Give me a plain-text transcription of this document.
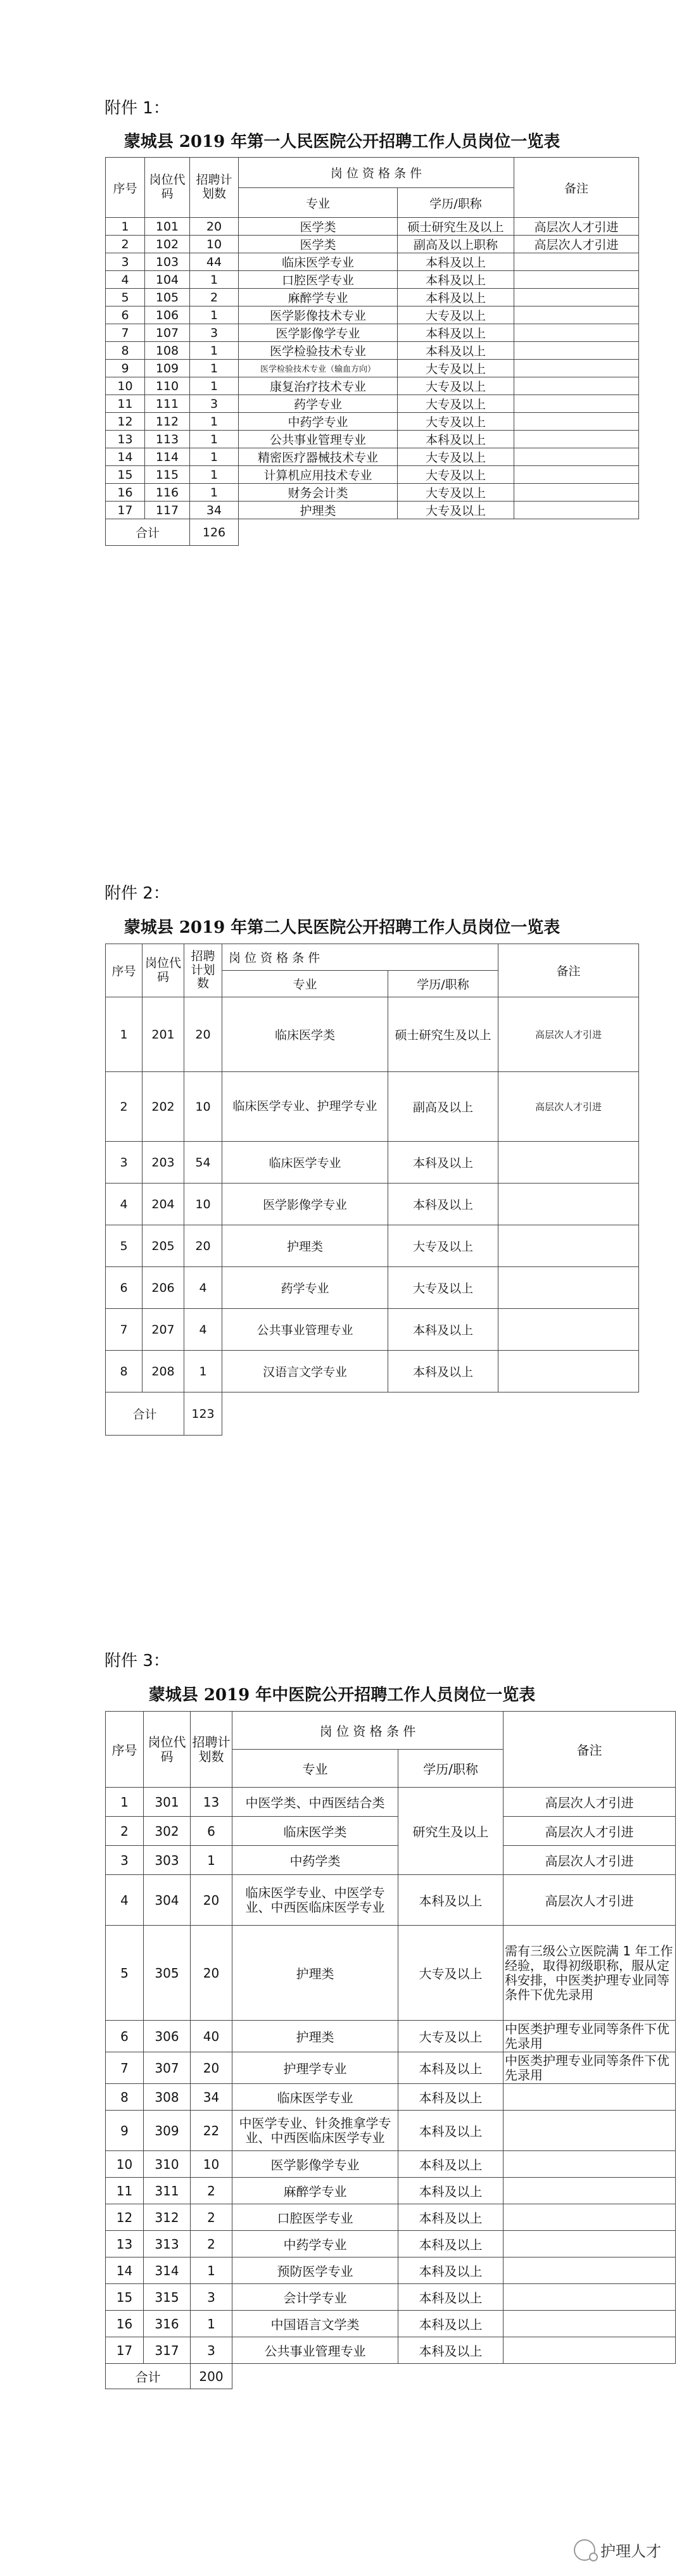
附件 1：
蒙城县 2019 年第一人民医院公开招聘工作人员岗位一览表
序号	岗位代码	招聘计划数	岗 位 资 格 条 件		备注
			专业	学历/职称	
1	101	20	医学类	硕士研究生及以上	高层次人才引进
2	102	10	医学类	副高及以上职称	高层次人才引进
3	103	44	临床医学专业	本科及以上	
4	104	1	口腔医学专业	本科及以上	
5	105	2	麻醉学专业	本科及以上	
6	106	1	医学影像技术专业	大专及以上	
7	107	3	医学影像学专业	本科及以上	
8	108	1	医学检验技术专业	本科及以上	
9	109	1	医学检验技术专业（输血方向）	大专及以上	
10	110	1	康复治疗技术专业	大专及以上	
11	111	3	药学专业	大专及以上	
12	112	1	中药学专业	大专及以上	
13	113	1	公共事业管理专业	本科及以上	
14	114	1	精密医疗器械技术专业	大专及以上	
15	115	1	计算机应用技术专业	大专及以上	
16	116	1	财务会计类	大专及以上	
17	117	34	护理类	大专及以上	
合计		126			
附件 2：
蒙城县 2019 年第二人民医院公开招聘工作人员岗位一览表
序号	岗位代码	招聘计划数	岗 位 资 格 条 件		备注
			专业	学历/职称	
1	201	20	临床医学类	硕士研究生及以上	高层次人才引进
2	202	10	临床医学专业、护理学专业	副高及以上	高层次人才引进
3	203	54	临床医学专业	本科及以上	
4	204	10	医学影像学专业	本科及以上	
5	205	20	护理类	大专及以上	
6	206	4	药学专业	大专及以上	
7	207	4	公共事业管理专业	本科及以上	
8	208	1	汉语言文学专业	本科及以上	
合计		123			
附件 3：
蒙城县 2019 年中医院公开招聘工作人员岗位一览表
序号	岗位代码	招聘计划数	岗 位 资 格 条 件		备注
			专业	学历/职称	
1	301	13	中医学类、中西医结合类	研究生及以上	高层次人才引进
2	302	6	临床医学类		高层次人才引进
3	303	1	中药学类		高层次人才引进
4	304	20	临床医学专业、中医学专业、中西医临床医学专业	本科及以上	高层次人才引进
5	305	20	护理类	大专及以上	需有三级公立医院满 1 年工作经验，取得初级职称，服从定科安排，中医类护理专业同等条件下优先录用
6	306	40	护理类	大专及以上	中医类护理专业同等条件下优先录用
7	307	20	护理学专业	本科及以上	中医类护理专业同等条件下优先录用
8	308	34	临床医学专业	本科及以上	
9	309	22	中医学专业、针灸推拿学专业、中西医临床医学专业	本科及以上	
10	310	10	医学影像学专业	本科及以上	
11	311	2	麻醉学专业	本科及以上	
12	312	2	口腔医学专业	本科及以上	
13	313	2	中药学专业	本科及以上	
14	314	1	预防医学专业	本科及以上	
15	315	3	会计学专业	本科及以上	
16	316	1	中国语言文学类	本科及以上	
17	317	3	公共事业管理专业	本科及以上	
合计		200			
护理人才
